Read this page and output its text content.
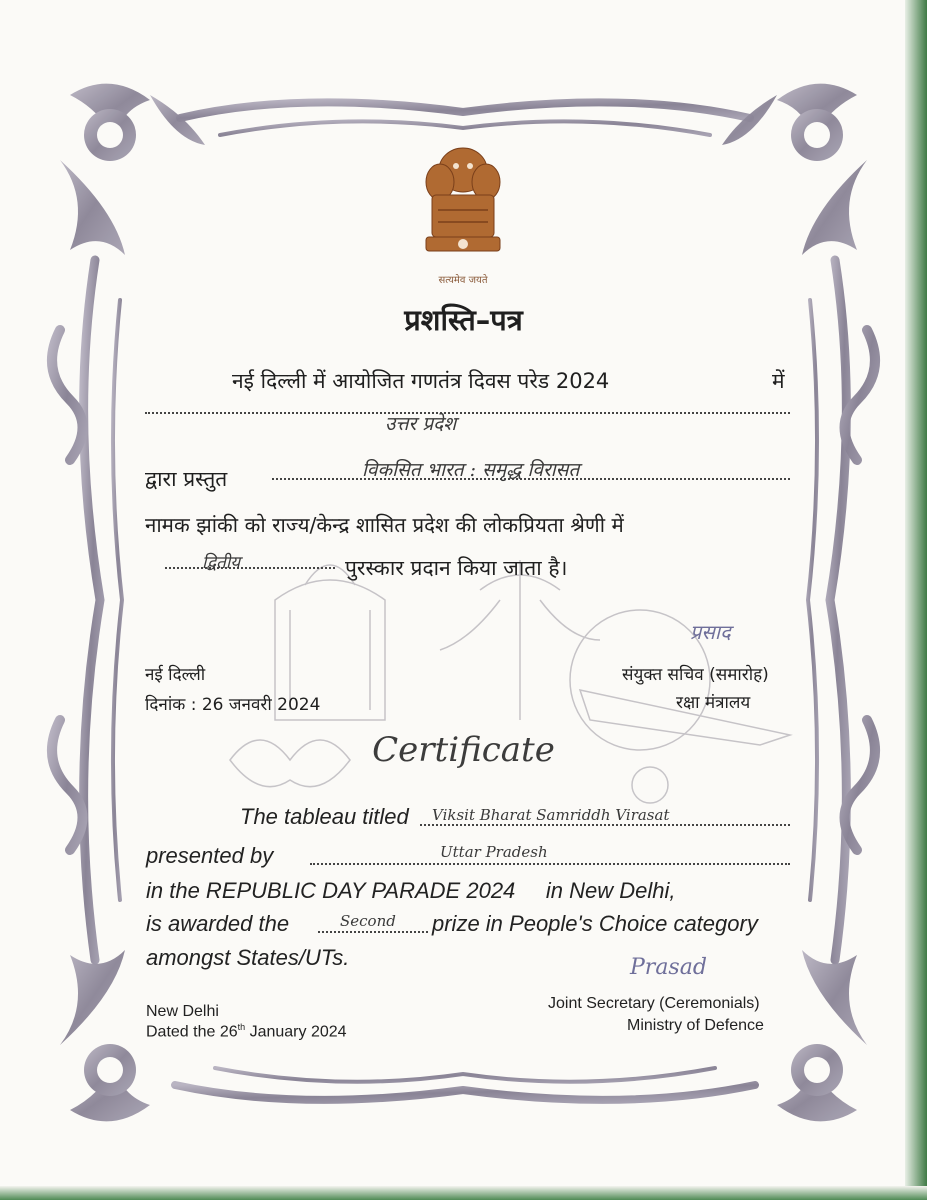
सत्यमेव जयते
प्रशस्ति–पत्र
नई दिल्ली में आयोजित गणतंत्र दिवस परेड 2024	में
उत्तर प्रदेश
द्वारा प्रस्तुत	विकसित भारत : समृद्ध विरासत
नामक झांकी को राज्य/केन्द्र शासित प्रदेश की लोकप्रियता श्रेणी में
द्वितीय	पुरस्कार प्रदान किया जाता है।
प्रसाद
नई दिल्ली	संयुक्त सचिव (समारोह)
दिनांक : 26 जनवरी 2024	रक्षा मंत्रालय
Certificate
The tableau titled Viksit Bharat Samriddh Virasat
presented by	Uttar Pradesh
in the REPUBLIC DAY PARADE 2024     in New Delhi,
is awarded the	Second prize in People's Choice category
amongst States/UTs.	Prasad
New Delhi	Joint Secretary (Ceremonials)
Dated the 26th January 2024	Ministry of Defence
